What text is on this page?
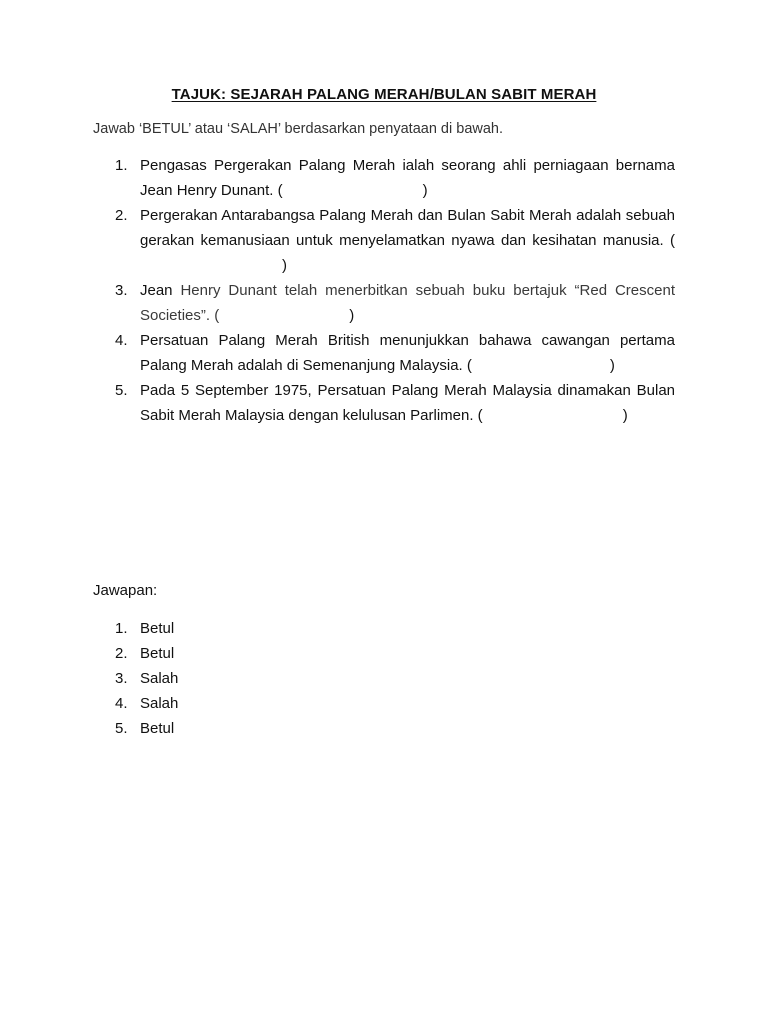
TAJUK: SEJARAH PALANG MERAH/BULAN SABIT MERAH
Jawab ‘BETUL’ atau ‘SALAH’ berdasarkan penyataan di bawah.
1. Pengasas Pergerakan Palang Merah ialah seorang ahli perniagaan bernama Jean Henry Dunant. (	)
2. Pergerakan Antarabangsa Palang Merah dan Bulan Sabit Merah adalah sebuah gerakan kemanusiaan untuk menyelamatkan nyawa dan kesihatan manusia. ()
3. Jean Henry Dunant telah menerbitkan sebuah buku bertajuk “Red Crescent Societies”. (	)
4. Persatuan Palang Merah British menunjukkan bahawa cawangan pertama Palang Merah adalah di Semenanjung Malaysia. (	)
5. Pada 5 September 1975, Persatuan Palang Merah Malaysia dinamakan Bulan Sabit Merah Malaysia dengan kelulusan Parlimen. (	)
Jawapan:
1. Betul
2. Betul
3. Salah
4. Salah
5. Betul
